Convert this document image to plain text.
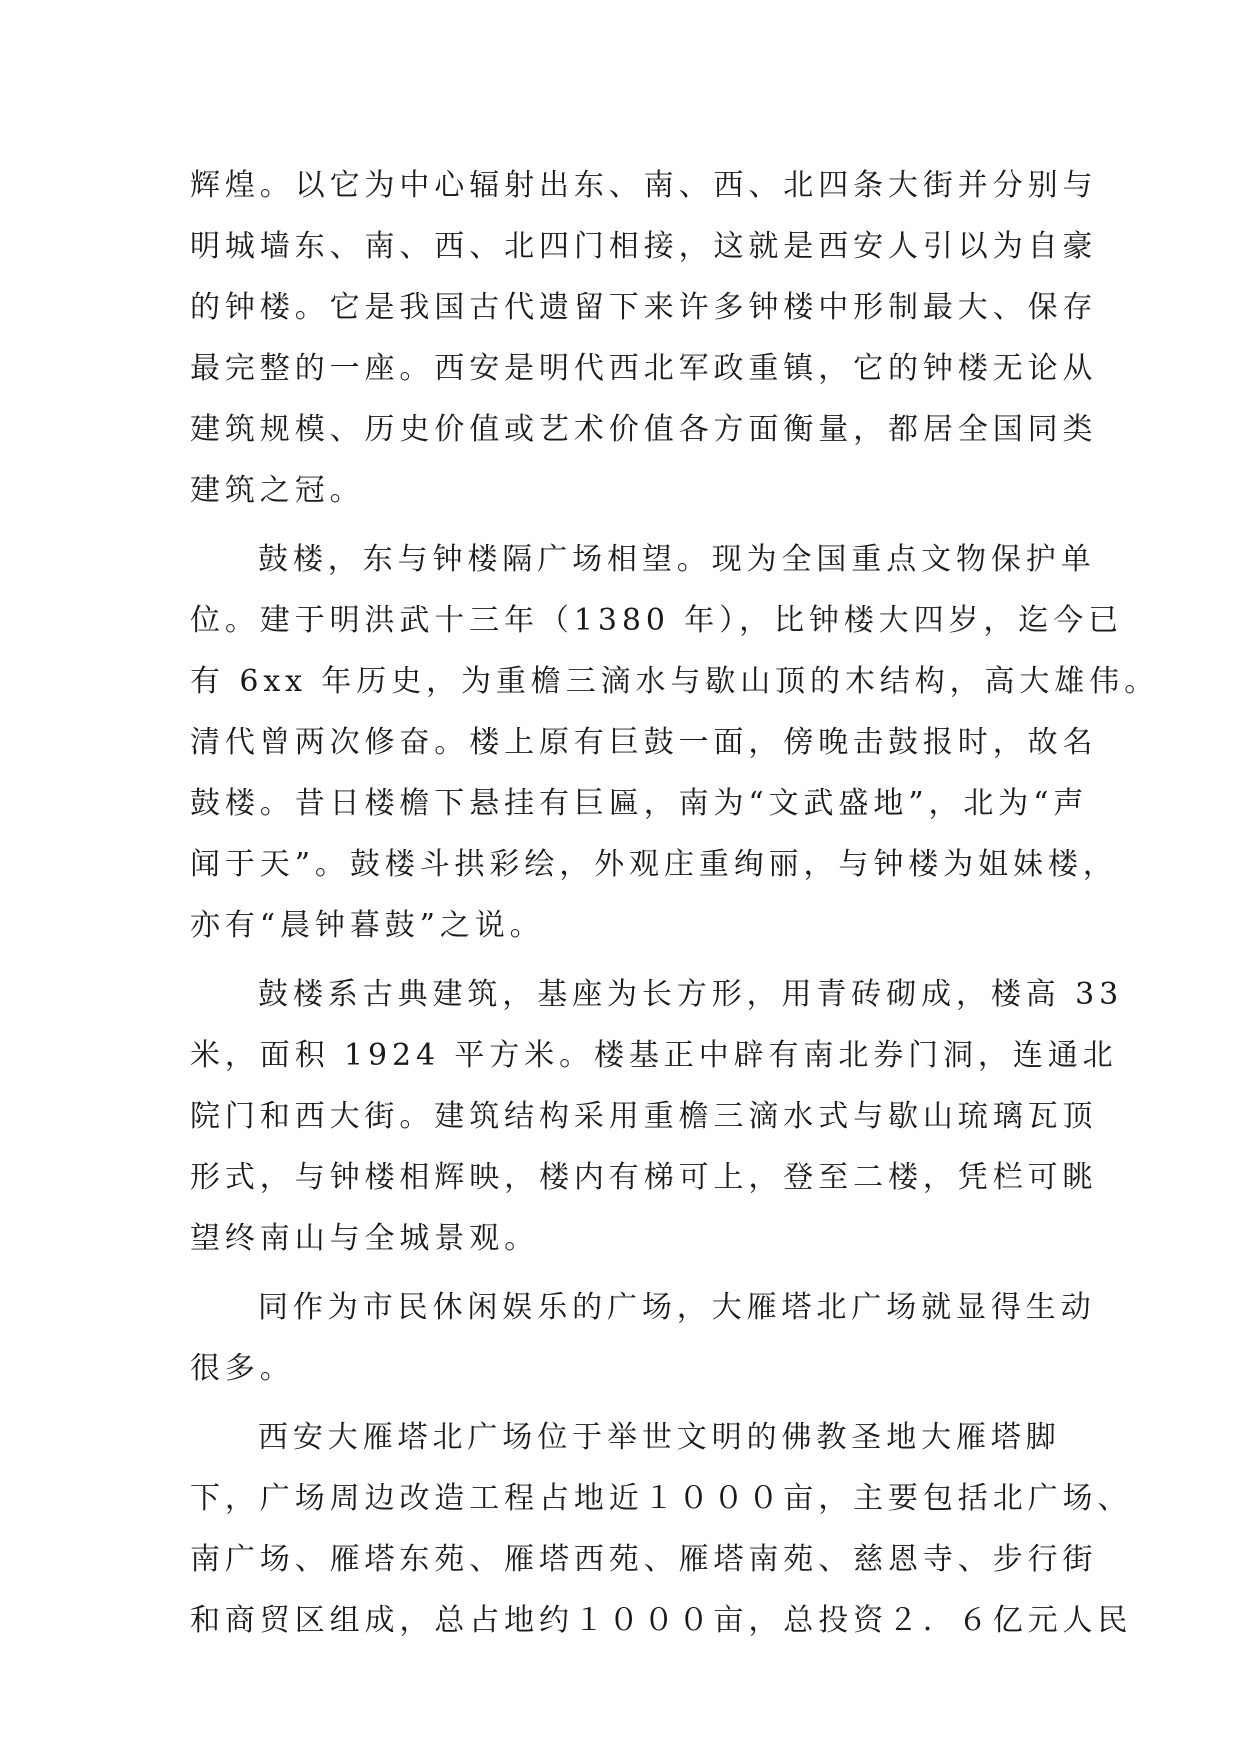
辉煌。以它为中心辐射出东、南、西、北四条大街并分别与
明城墙东、南、西、北四门相接，这就是西安人引以为自豪
的钟楼。它是我国古代遗留下来许多钟楼中形制最大、保存
最完整的一座。西安是明代西北军政重镇，它的钟楼无论从
建筑规模、历史价值或艺术价值各方面衡量，都居全国同类
建筑之冠。
鼓楼，东与钟楼隔广场相望。现为全国重点文物保护单
位。建于明洪武十三年（1380 年），比钟楼大四岁，迄今已
有 6xx 年历史，为重檐三滴水与歇山顶的木结构，高大雄伟。
清代曾两次修奋。楼上原有巨鼓一面，傍晚击鼓报时，故名
鼓楼。昔日楼檐下悬挂有巨匾，南为“文武盛地”，北为“声
闻于天”。鼓楼斗拱彩绘，外观庄重绚丽，与钟楼为姐妹楼，
亦有“晨钟暮鼓”之说。
鼓楼系古典建筑，基座为长方形，用青砖砌成，楼高 33
米，面积 1924 平方米。楼基正中辟有南北券门洞，连通北
院门和西大街。建筑结构采用重檐三滴水式与歇山琉璃瓦顶
形式，与钟楼相辉映，楼内有梯可上，登至二楼，凭栏可眺
望终南山与全城景观。
同作为市民休闲娱乐的广场，大雁塔北广场就显得生动
很多。
西安大雁塔北广场位于举世文明的佛教圣地大雁塔脚
下，广场周边改造工程占地近１０００亩，主要包括北广场、
南广场、雁塔东苑、雁塔西苑、雁塔南苑、慈恩寺、步行街
和商贸区组成，总占地约１０００亩，总投资２．６亿元人民
